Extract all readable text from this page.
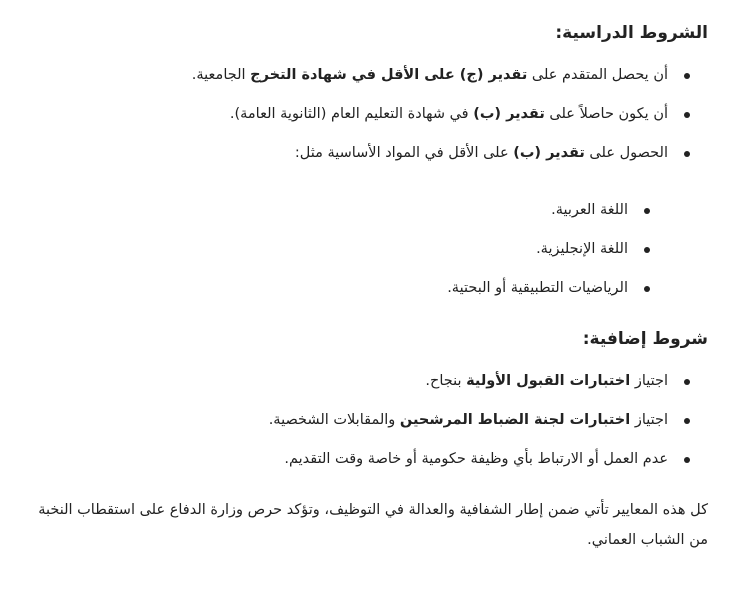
الشروط الدراسية:
أن يحصل المتقدم على تقدير (ج) على الأقل في شهادة التخرج الجامعية.
أن يكون حاصلاً على تقدير (ب) في شهادة التعليم العام (الثانوية العامة).
الحصول على تقدير (ب) على الأقل في المواد الأساسية مثل:
اللغة العربية.
اللغة الإنجليزية.
الرياضيات التطبيقية أو البحتية.
شروط إضافية:
اجتياز اختبارات القبول الأولية بنجاح.
اجتياز اختبارات لجنة الضباط المرشحين والمقابلات الشخصية.
عدم العمل أو الارتباط بأي وظيفة حكومية أو خاصة وقت التقديم.

كل هذه المعايير تأتي ضمن إطار الشفافية والعدالة في التوظيف، وتؤكد حرص وزارة الدفاع على استقطاب النخبة من الشباب العماني.
